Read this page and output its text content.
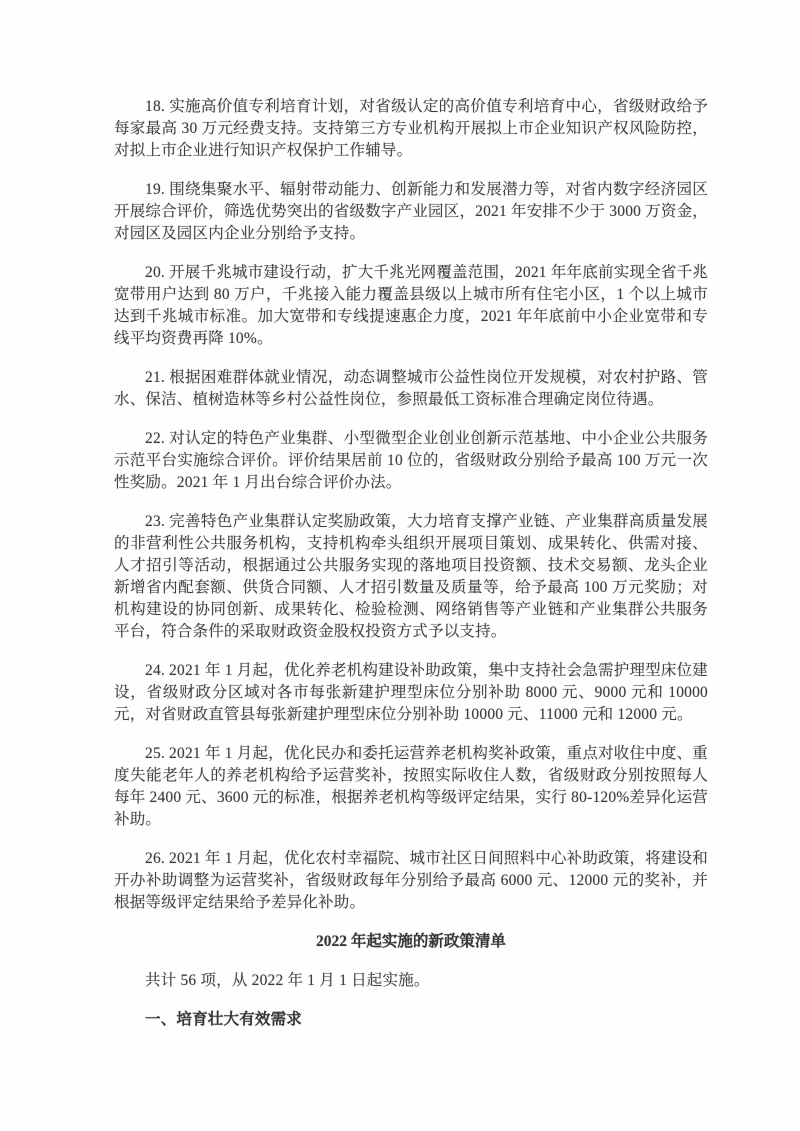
18. 实施高价值专利培育计划，对省级认定的高价值专利培育中心，省级财政给予每家最高 30 万元经费支持。支持第三方专业机构开展拟上市企业知识产权风险防控，对拟上市企业进行知识产权保护工作辅导。

19. 围绕集聚水平、辐射带动能力、创新能力和发展潜力等，对省内数字经济园区开展综合评价，筛选优势突出的省级数字产业园区，2021 年安排不少于 3000 万资金，对园区及园区内企业分别给予支持。

20. 开展千兆城市建设行动，扩大千兆光网覆盖范围，2021 年年底前实现全省千兆宽带用户达到 80 万户，千兆接入能力覆盖县级以上城市所有住宅小区，1 个以上城市达到千兆城市标准。加大宽带和专线提速惠企力度，2021 年年底前中小企业宽带和专线平均资费再降 10%。

21. 根据困难群体就业情况，动态调整城市公益性岗位开发规模，对农村护路、管水、保洁、植树造林等乡村公益性岗位，参照最低工资标准合理确定岗位待遇。

22. 对认定的特色产业集群、小型微型企业创业创新示范基地、中小企业公共服务示范平台实施综合评价。评价结果居前 10 位的，省级财政分别给予最高 100 万元一次性奖励。2021 年 1 月出台综合评价办法。

23. 完善特色产业集群认定奖励政策，大力培育支撑产业链、产业集群高质量发展的非营利性公共服务机构，支持机构牵头组织开展项目策划、成果转化、供需对接、人才招引等活动，根据通过公共服务实现的落地项目投资额、技术交易额、龙头企业新增省内配套额、供货合同额、人才招引数量及质量等，给予最高 100 万元奖励；对机构建设的协同创新、成果转化、检验检测、网络销售等产业链和产业集群公共服务平台，符合条件的采取财政资金股权投资方式予以支持。

24. 2021 年 1 月起，优化养老机构建设补助政策，集中支持社会急需护理型床位建设，省级财政分区域对各市每张新建护理型床位分别补助 8000 元、9000 元和 10000 元，对省财政直管县每张新建护理型床位分别补助 10000 元、11000 元和 12000 元。

25. 2021 年 1 月起，优化民办和委托运营养老机构奖补政策，重点对收住中度、重度失能老年人的养老机构给予运营奖补，按照实际收住人数，省级财政分别按照每人每年 2400 元、3600 元的标准，根据养老机构等级评定结果，实行 80-120%差异化运营补助。

26. 2021 年 1 月起，优化农村幸福院、城市社区日间照料中心补助政策，将建设和开办补助调整为运营奖补，省级财政每年分别给予最高 6000 元、12000 元的奖补，并根据等级评定结果给予差异化补助。

2022 年起实施的新政策清单

共计 56 项，从 2022 年 1 月 1 日起实施。

一、培育壮大有效需求
